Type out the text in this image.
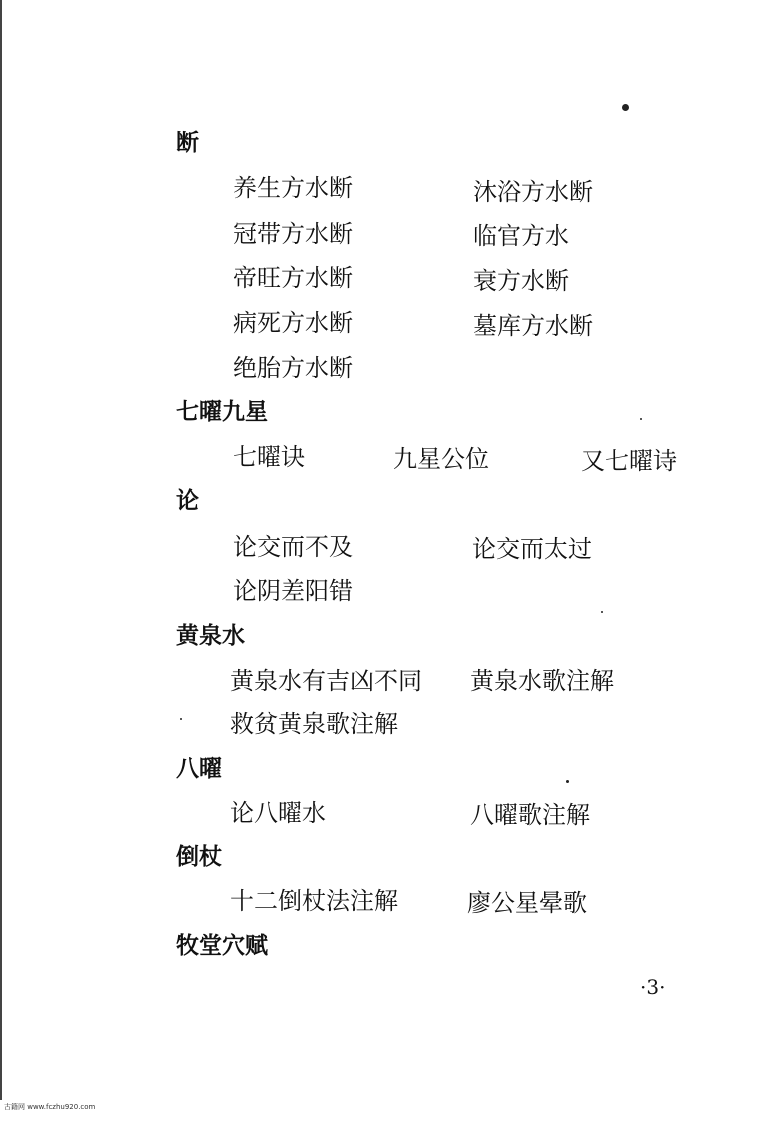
断
养生方水断	沐浴方水断
冠带方水断	临官方水
帝旺方水断	衰方水断
病死方水断	墓库方水断
绝胎方水断
七曜九星
七曜诀	九星公位	又七曜诗
论
论交而不及	论交而太过
论阴差阳错
黄泉水
黄泉水有吉凶不同 黄泉水歌注解
救贫黄泉歌注解
八曜
论八曜水	八曜歌注解
倒杖
十二倒杖法注解	廖公星晕歌
牧堂穴赋
·3·
古籍网 www.fczhu920.com
